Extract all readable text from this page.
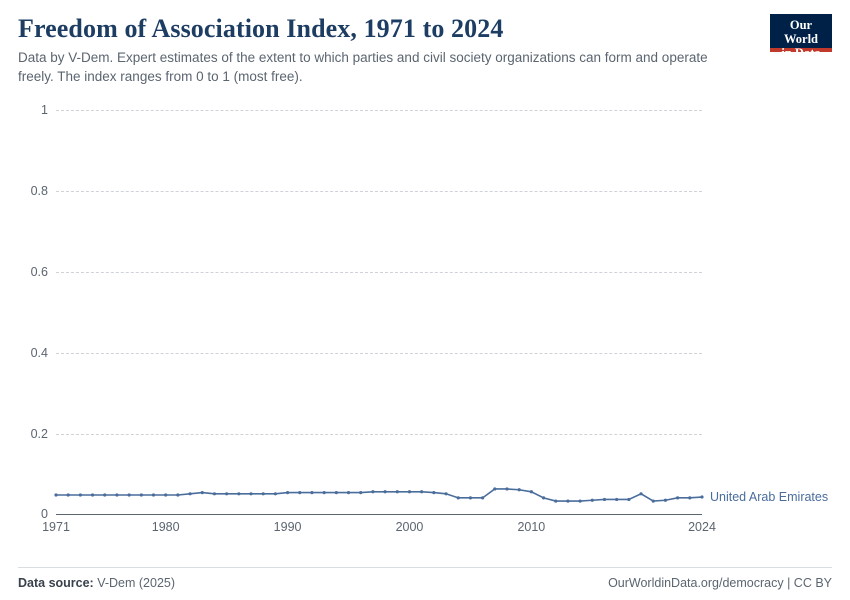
Freedom of Association Index, 1971 to 2024

Data by V-Dem. Expert estimates of the extent to which parties and civil society organizations can form and operate freely. The index ranges from 0 to 1 (most free).

Our World
in Data
0
0.2
0.4
0.6
0.8
1
United Arab Emirates
1971	1980	1990	2000	2010	2024
Data source: V-Dem (2025)	OurWorldinData.org/democracy | CC BY
